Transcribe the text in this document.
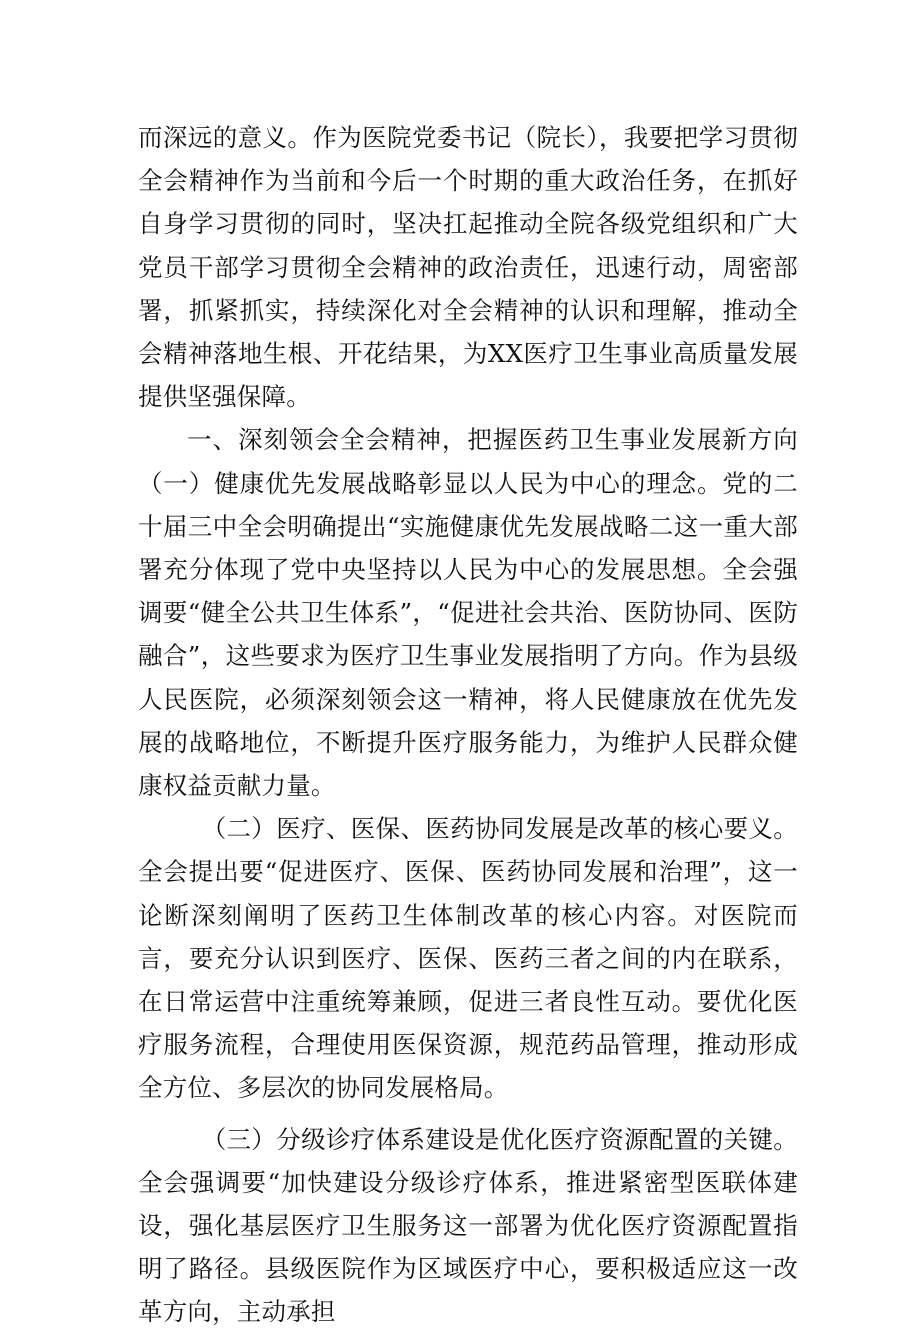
而深远的意义。作为医院党委书记（院长），我要把学习贯彻全会精神作为当前和今后一个时期的重大政治任务，在抓好自身学习贯彻的同时，坚决扛起推动全院各级党组织和广大党员干部学习贯彻全会精神的政治责任，迅速行动，周密部署，抓紧抓实，持续深化对全会精神的认识和理解，推动全会精神落地生根、开花结果，为XX医疗卫生事业高质量发展提供坚强保障。

一、深刻领会全会精神，把握医药卫生事业发展新方向（一）健康优先发展战略彰显以人民为中心的理念。党的二十届三中全会明确提出“实施健康优先发展战略二这一重大部署充分体现了党中央坚持以人民为中心的发展思想。全会强调要“健全公共卫生体系”，“促进社会共治、医防协同、医防融合”，这些要求为医疗卫生事业发展指明了方向。作为县级人民医院，必须深刻领会这一精神，将人民健康放在优先发展的战略地位，不断提升医疗服务能力，为维护人民群众健康权益贡献力量。

（二）医疗、医保、医药协同发展是改革的核心要义。全会提出要“促进医疗、医保、医药协同发展和治理”，这一论断深刻阐明了医药卫生体制改革的核心内容。对医院而言，要充分认识到医疗、医保、医药三者之间的内在联系，在日常运营中注重统筹兼顾，促进三者良性互动。要优化医疗服务流程，合理使用医保资源，规范药品管理，推动形成全方位、多层次的协同发展格局。

（三）分级诊疗体系建设是优化医疗资源配置的关键。全会强调要“加快建设分级诊疗体系，推进紧密型医联体建设，强化基层医疗卫生服务这一部署为优化医疗资源配置指明了路径。县级医院作为区域医疗中心，要积极适应这一改革方向，主动承担
